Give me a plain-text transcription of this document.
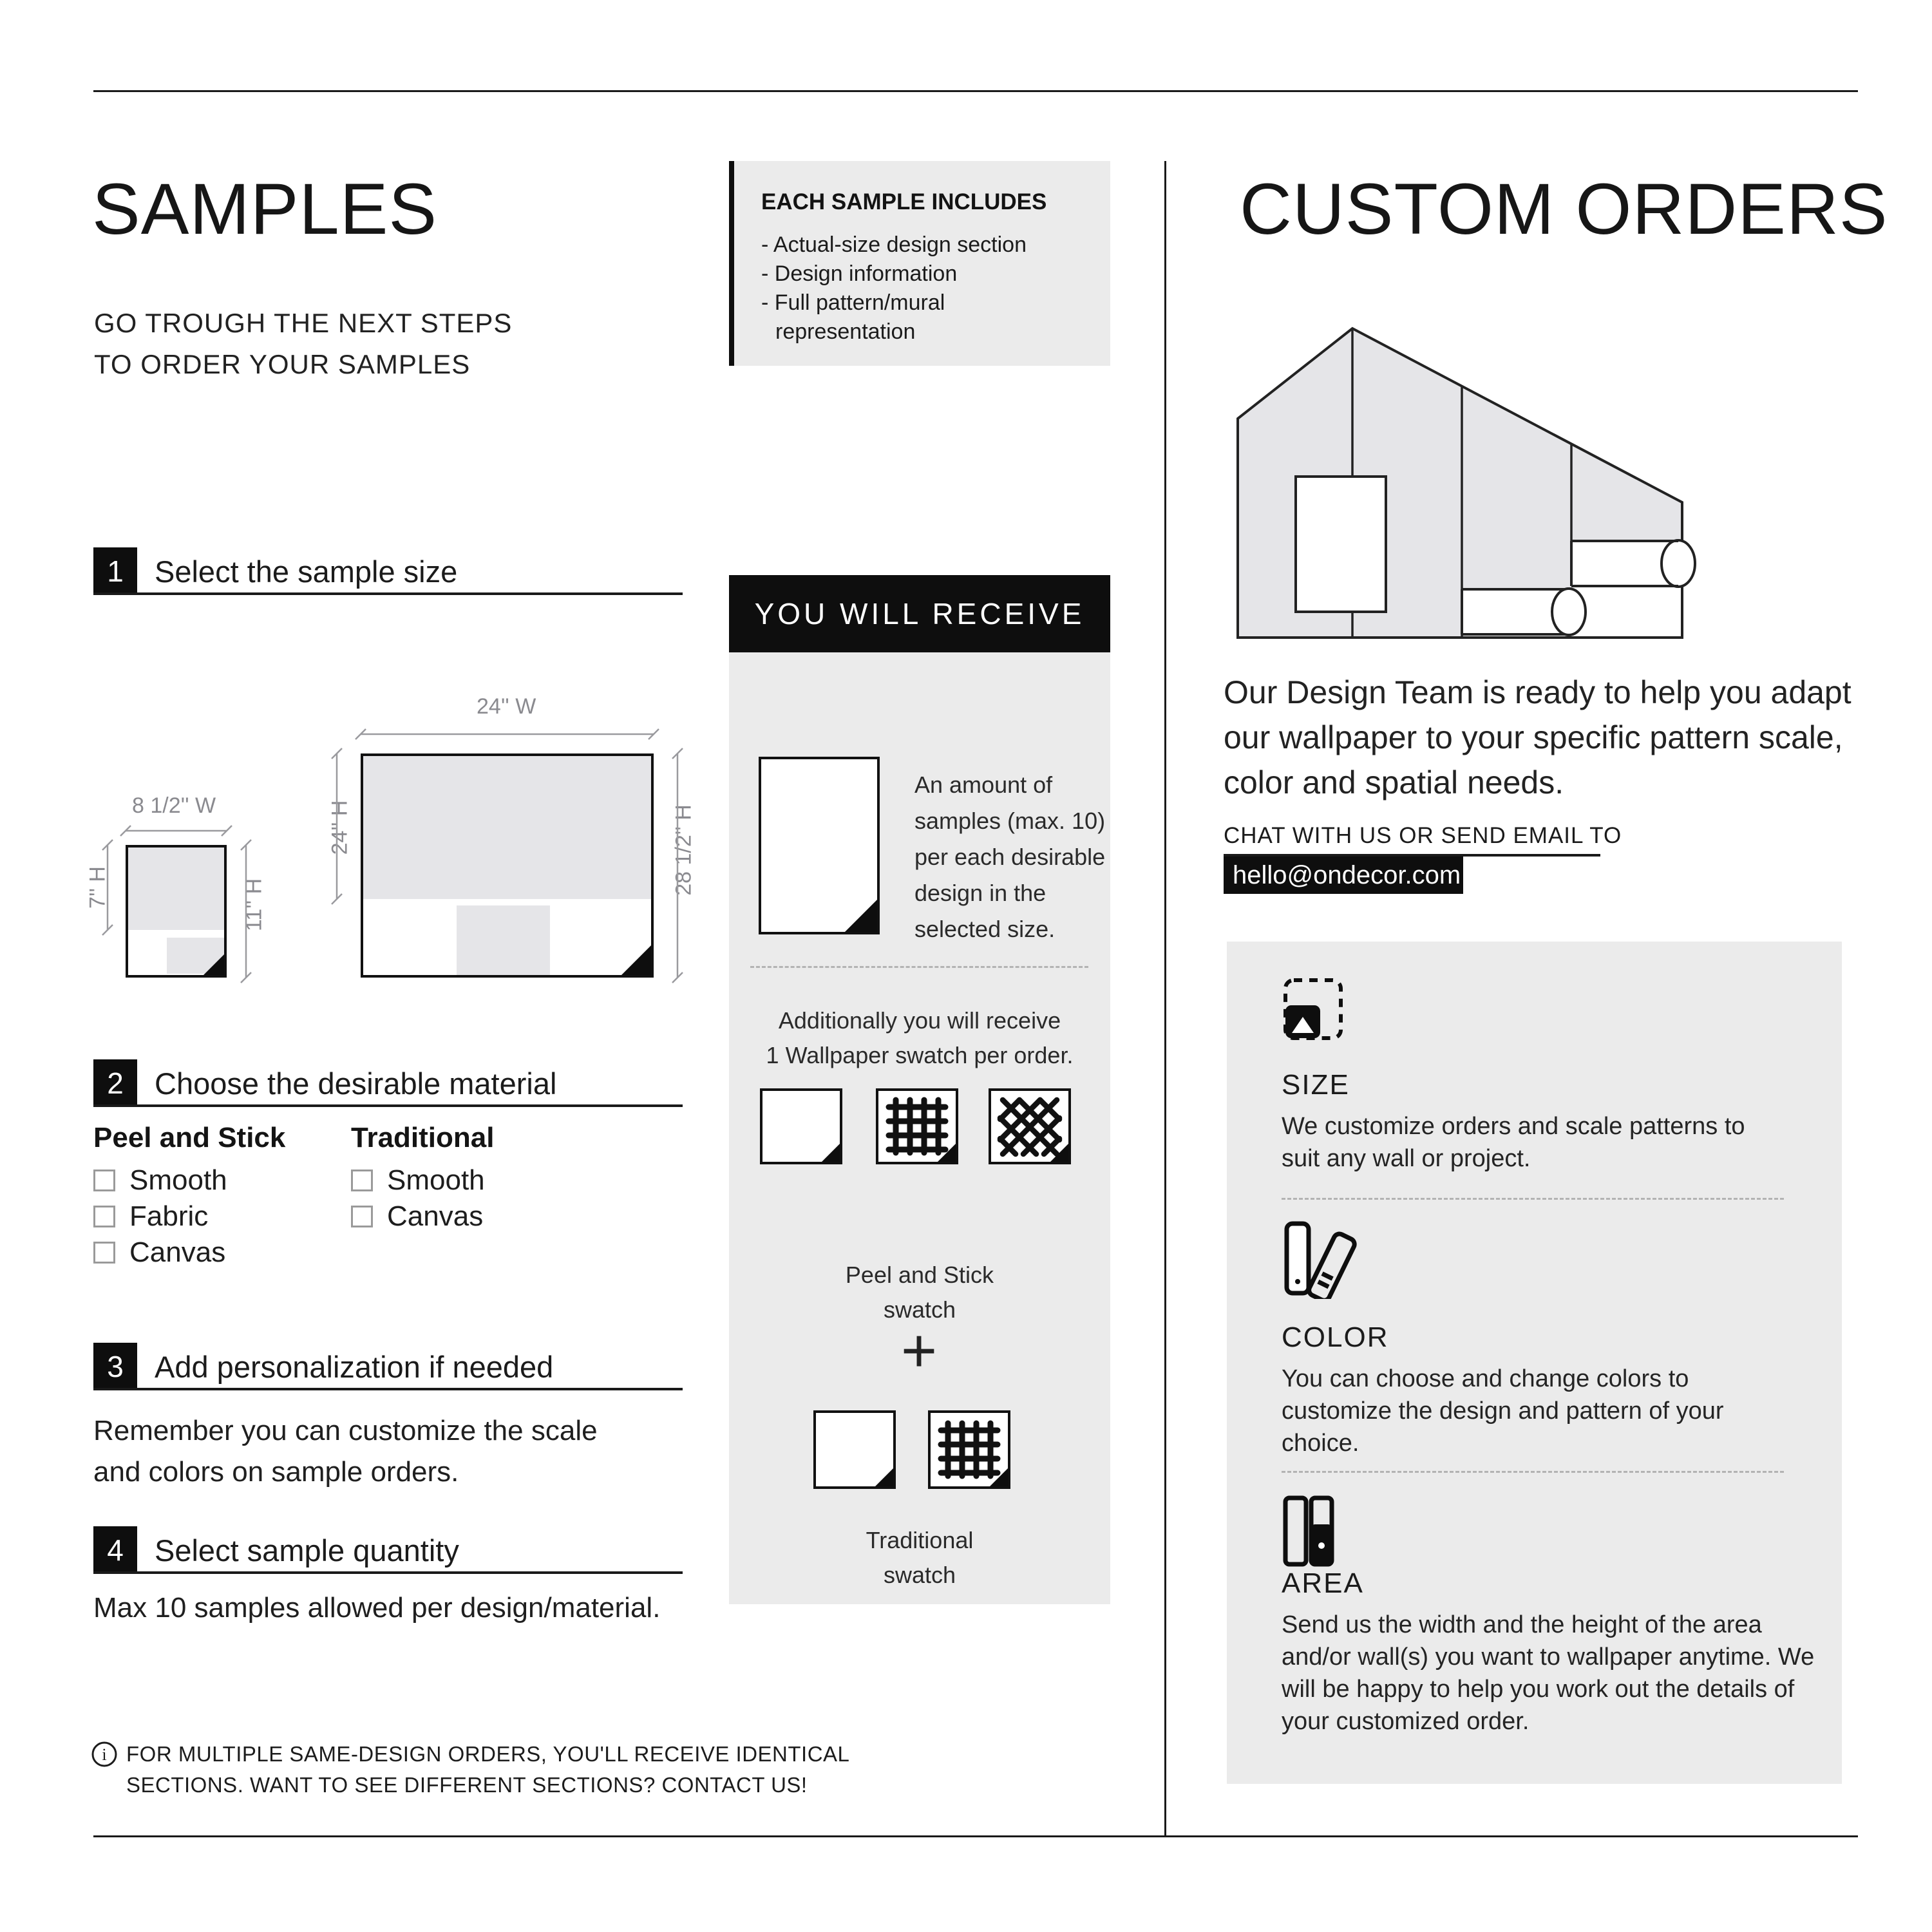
SAMPLES
GO TROUGH THE NEXT STEPS
TO ORDER YOUR SAMPLES
EACH SAMPLE INCLUDES
- Actual-size design section
- Design information
- Full pattern/mural representation
1	Select the sample size
24'' W
8 1/2'' W	24'' H	28 1/2'' H
7'' H	11'' H
2	Choose the desirable material
Peel and Stick Traditional
Smooth
Fabric
Canvas
Smooth
Canvas
3	Add personalization if needed
Remember you can customize the scale and colors on sample orders.
4	Select sample quantity
Max 10 samples allowed per design/material.
i FOR MULTIPLE SAME-DESIGN ORDERS, YOU'LL RECEIVE IDENTICAL
SECTIONS. WANT TO SEE DIFFERENT SECTIONS? CONTACT US!
YOU WILL RECEIVE
An amount of samples (max. 10) per each desirable design in the selected size.
Additionally you will receive
1 Wallpaper swatch per order.
Peel and Stick
swatch
+
Traditional
swatch
CUSTOM ORDERS
Our Design Team is ready to help you adapt our wallpaper to your specific pattern scale, color and spatial needs.
CHAT WITH US OR SEND EMAIL TO
hello@ondecor.com
SIZE
We customize orders and scale patterns to suit any wall or project.
COLOR
You can choose and change colors to customize the design and pattern of your choice.
AREA
Send us the width and the height of the area and/or wall(s) you want to wallpaper anytime. We will be happy to help you work out the details of your customized order.
